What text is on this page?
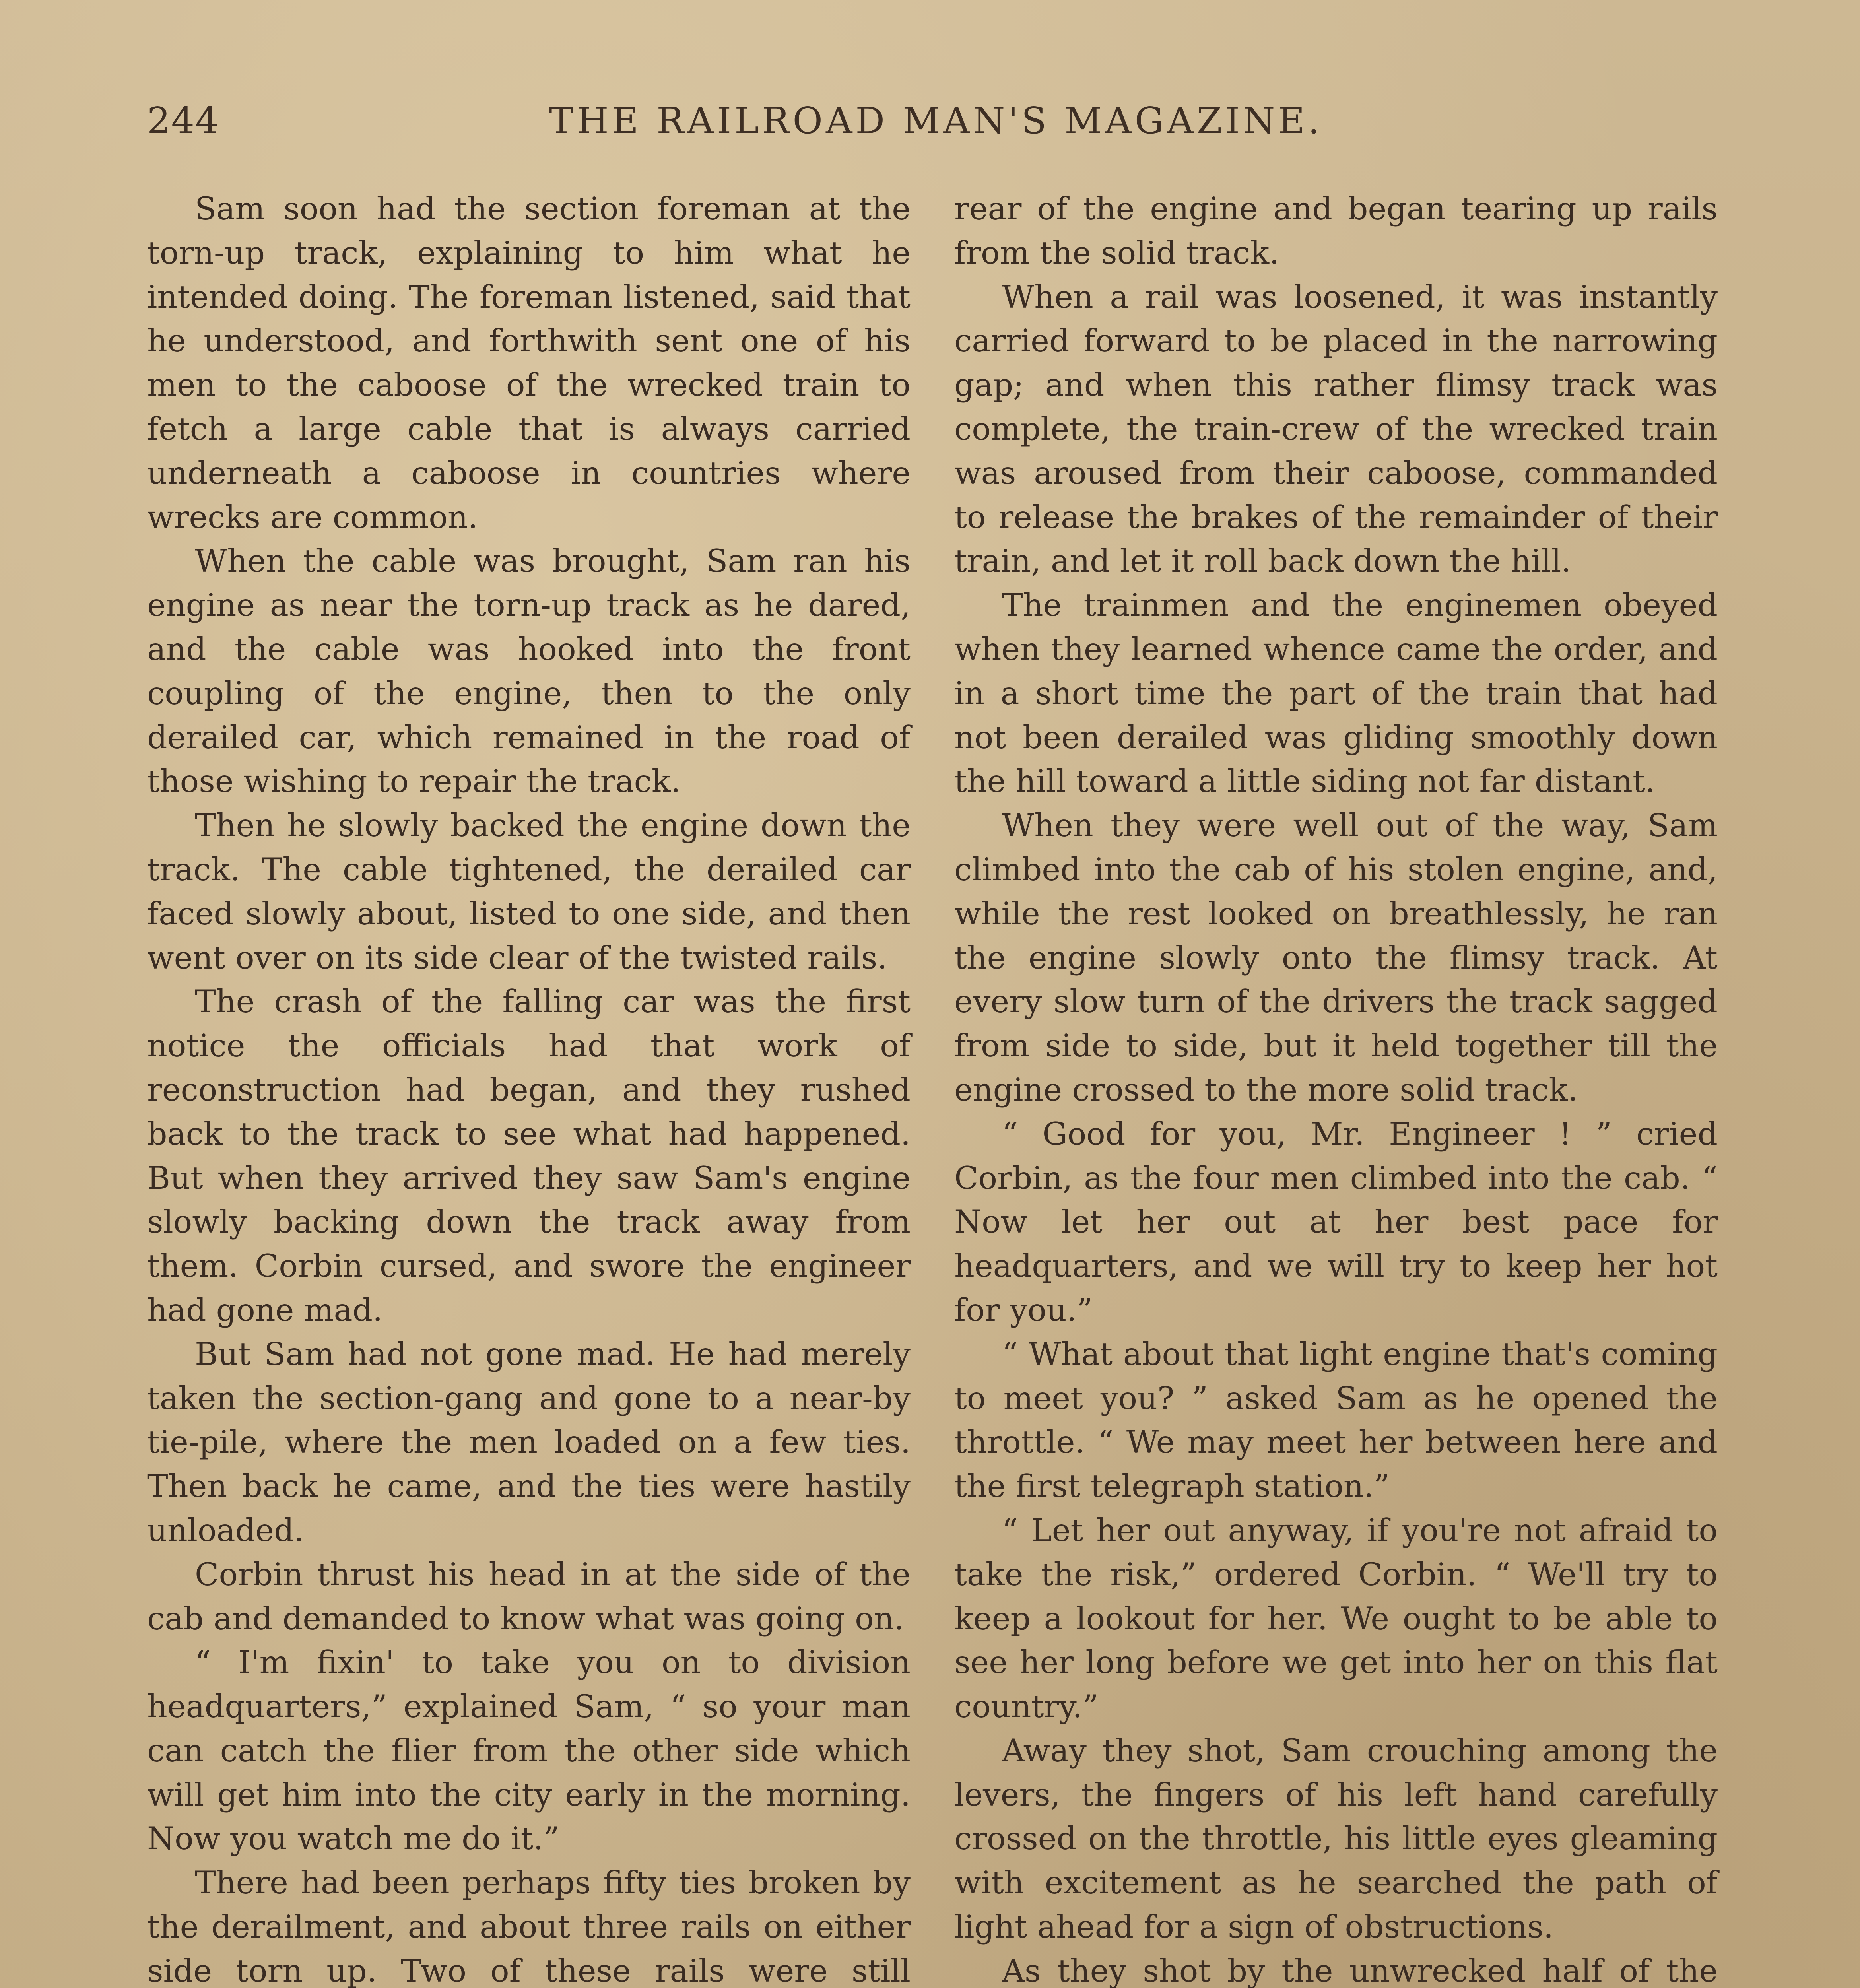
244	THE RAILROAD MAN'S MAGAZINE.

Sam soon had the section foreman at the torn-up track, explaining to him what he intended doing. The foreman listened, said that he understood, and forthwith sent one of his men to the caboose of the wrecked train to fetch a large cable that is always carried underneath a caboose in countries where wrecks are common.

When the cable was brought, Sam ran his engine as near the torn-up track as he dared, and the cable was hooked into the front coupling of the engine, then to the only derailed car, which remained in the road of those wishing to repair the track.

Then he slowly backed the engine down the track. The cable tightened, the derailed car faced slowly about, listed to one side, and then went over on its side clear of the twisted rails.

The crash of the falling car was the first notice the officials had that work of reconstruction had began, and they rushed back to the track to see what had happened. But when they arrived they saw Sam's engine slowly backing down the track away from them. Corbin cursed, and swore the engineer had gone mad.

But Sam had not gone mad. He had merely taken the section-gang and gone to a near-by tie-pile, where the men loaded on a few ties. Then back he came, and the ties were hastily unloaded.

Corbin thrust his head in at the side of the cab and demanded to know what was going on.

“ I'm fixin' to take you on to division headquarters,” explained Sam, “ so your man can catch the flier from the other side which will get him into the city early in the morning. Now you watch me do it.”

There had been perhaps fifty ties broken by the derailment, and about three rails on either side torn up. Two of these rails were still

rear of the engine and began tearing up rails from the solid track.

When a rail was loosened, it was instantly carried forward to be placed in the narrowing gap; and when this rather flimsy track was complete, the train-crew of the wrecked train was aroused from their caboose, commanded to release the brakes of the remainder of their train, and let it roll back down the hill.

The trainmen and the enginemen obeyed when they learned whence came the order, and in a short time the part of the train that had not been derailed was gliding smoothly down the hill toward a little siding not far distant.

When they were well out of the way, Sam climbed into the cab of his stolen engine, and, while the rest looked on breathlessly, he ran the engine slowly onto the flimsy track. At every slow turn of the drivers the track sagged from side to side, but it held together till the engine crossed to the more solid track.

“ Good for you, Mr. Engineer ! ” cried Corbin, as the four men climbed into the cab. “ Now let her out at her best pace for headquarters, and we will try to keep her hot for you.”

“ What about that light engine that's coming to meet you? ” asked Sam as he opened the throttle. “ We may meet her between here and the first telegraph station.”

“ Let her out anyway, if you're not afraid to take the risk,” ordered Corbin. “ We'll try to keep a lookout for her. We ought to be able to see her long before we get into her on this flat country.”

Away they shot, Sam crouching among the levers, the fingers of his left hand carefully crossed on the throttle, his little eyes gleaming with excitement as he searched the path of light ahead for a sign of obstructions.

As they shot by the unwrecked half of the
